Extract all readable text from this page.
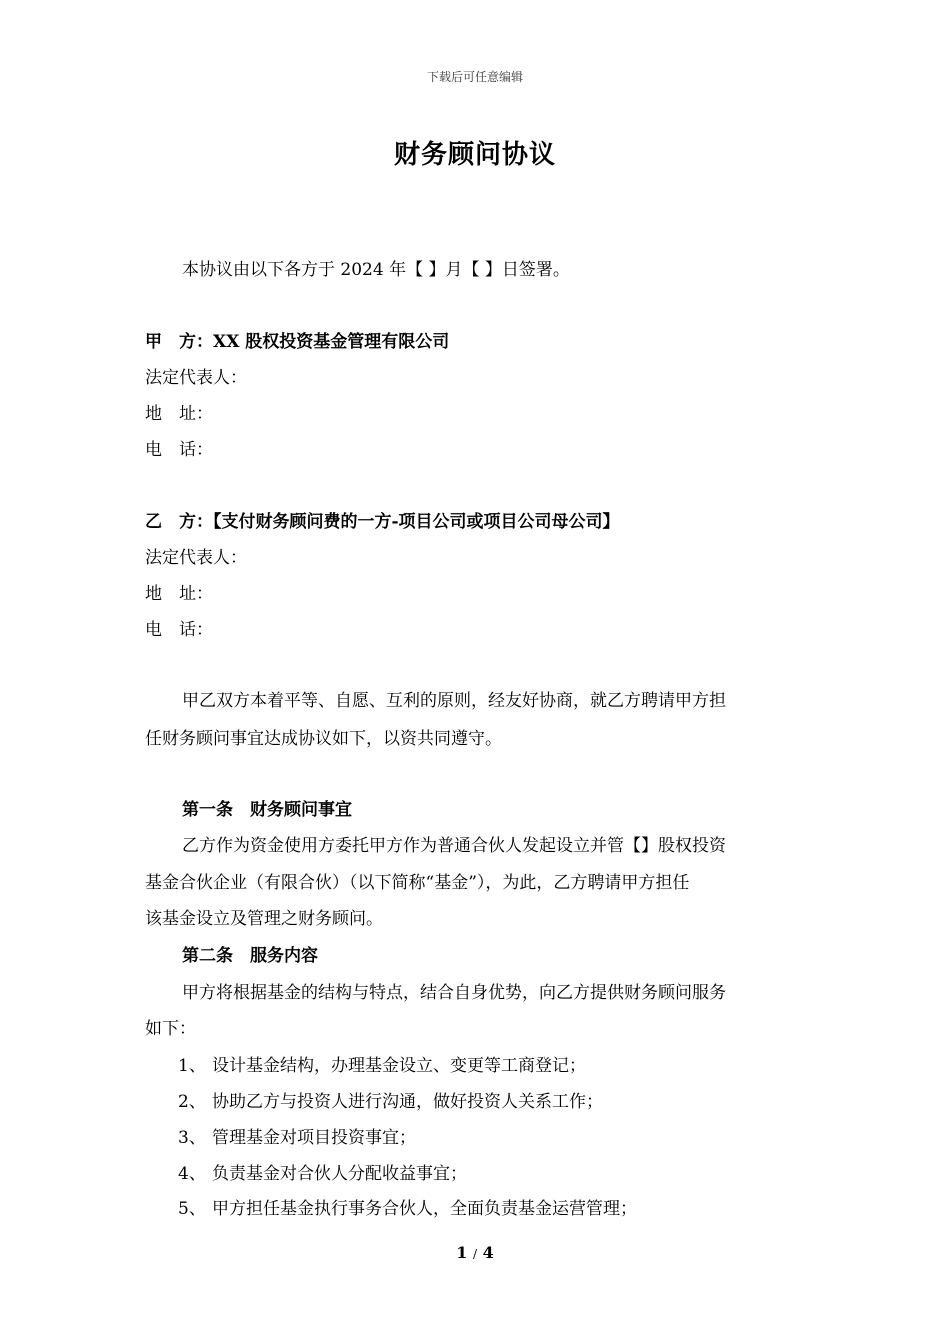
下载后可任意编辑
财务顾问协议
本协议由以下各方于 2024 年【 】月【 】日签署。
甲　方：XX 股权投资基金管理有限公司
法定代表人：
地　址：
电　话：
乙　方：【支付财务顾问费的一方-项目公司或项目公司母公司】
法定代表人：
地　址：
电　话：
甲乙双方本着平等、自愿、互利的原则，经友好协商，就乙方聘请甲方担
任财务顾问事宜达成协议如下，以资共同遵守。
第一条　财务顾问事宜
乙方作为资金使用方委托甲方作为普通合伙人发起设立并管【】股权投资
基金合伙企业（有限合伙）（以下简称“基金”），为此，乙方聘请甲方担任
该基金设立及管理之财务顾问。
第二条　服务内容
甲方将根据基金的结构与特点，结合自身优势，向乙方提供财务顾问服务
如下：
1、 设计基金结构，办理基金设立、变更等工商登记；
2、 协助乙方与投资人进行沟通，做好投资人关系工作；
3、 管理基金对项目投资事宜；
4、 负责基金对合伙人分配收益事宜；
5、 甲方担任基金执行事务合伙人，全面负责基金运营管理；
1 / 4
